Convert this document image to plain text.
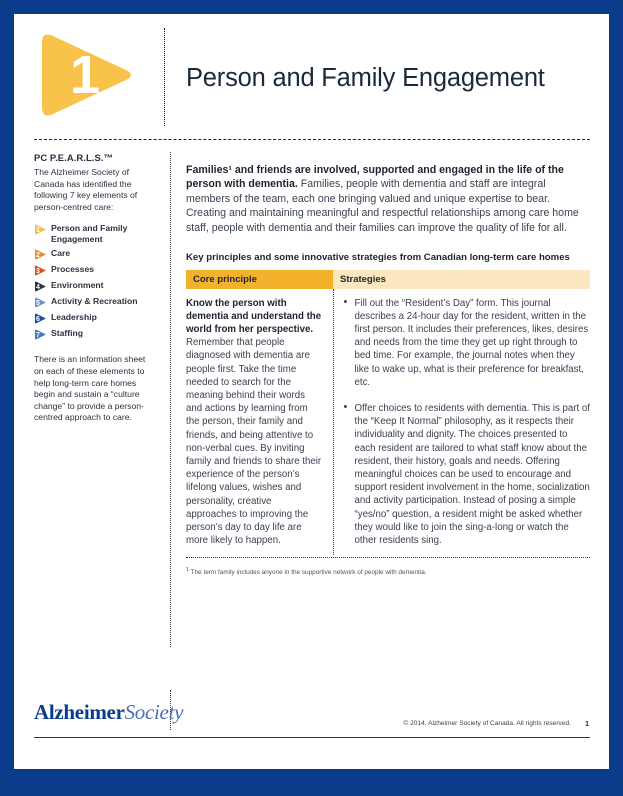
1	Person and Family Engagement
PC P.E.A.R.L.S.™
The Alzheimer Society of Canada has identified the following 7 key elements of person-centred care:
1 Person and Family Engagement
2 Care
3 Processes
4 Environment
5 Activity & Recreation
6 Leadership
7 Staffing
There is an information sheet on each of these elements to help long-term care homes begin and sustain a “culture change” to provide a person-centred approach to care.

Families¹ and friends are involved, supported and engaged in the life of the person with dementia. Families, people with dementia and staff are integral members of the team, each one bringing valued and unique expertise to bear. Creating and maintaining meaningful and respectful relationships among care home staff, people with dementia and their families can improve the quality of life for all.

Key principles and some innovative strategies from Canadian long-term care homes
Core principle	Strategies

Know the person with dementia and understand the world from her perspective. Remember that people diagnosed with dementia are people first. Take the time needed to search for the meaning behind their words and actions by learning from the person, their family and friends, and being attentive to non-verbal cues. By inviting family and friends to share their experience of the person’s lifelong values, wishes and personality, creative approaches to improving the person’s day to day life are more likely to happen.

• Fill out the “Resident’s Day” form. This journal describes a 24-hour day for the resident, written in the first person. It includes their preferences, likes, desires and needs from the time they get up right through to bed time. For example, the journal notes when they like to wake up, what is their preference for breakfast, etc.
• Offer choices to residents with dementia. This is part of the “Keep It Normal” philosophy, as it respects their individuality and dignity. The choices presented to each resident are tailored to what staff know about the resident, their history, goals and needs. Offering meaningful choices can be used to encourage and support resident involvement in the home, socialization and activity participation. Instead of posing a simple “yes/no” question, a resident might be asked whether they would like to join the sing-a-long or watch the other residents sing.
$^1$ The term family includes anyone in the supportive network of people with dementia.
AlzheimerSociety	© 2014, Alzheimer Society of Canada. All rights reserved. 1
